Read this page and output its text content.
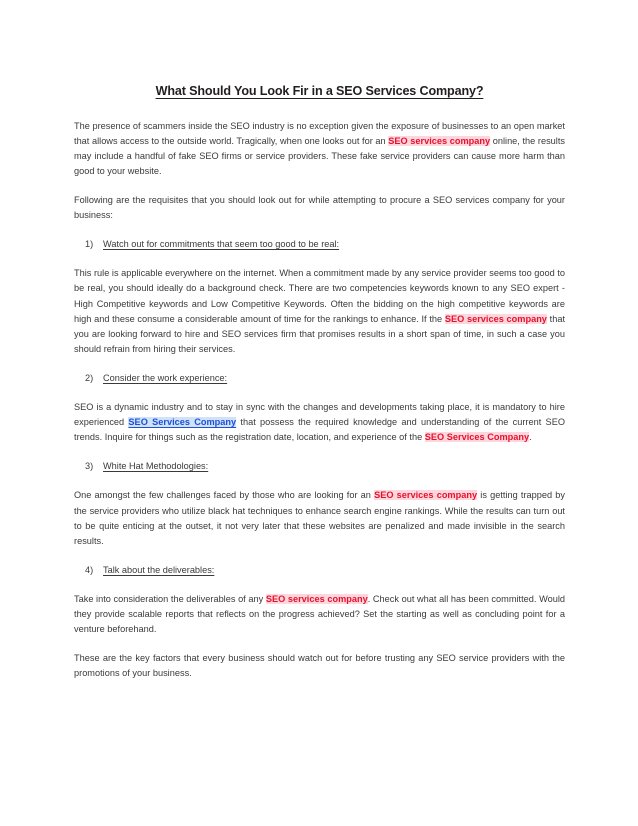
What Should You Look Fir in a SEO Services Company?

The presence of scammers inside the SEO industry is no exception given the exposure of businesses to an open market that allows access to the outside world. Tragically, when one looks out for an SEO services company online, the results may include a handful of fake SEO firms or service providers. These fake service providers can cause more harm than good to your website.

Following are the requisites that you should look out for while attempting to procure a SEO services company for your business:

1) Watch out for commitments that seem too good to be real:

This rule is applicable everywhere on the internet. When a commitment made by any service provider seems too good to be real, you should ideally do a background check. There are two competencies keywords known to any SEO expert - High Competitive keywords and Low Competitive Keywords. Often the bidding on the high competitive keywords are high and these consume a considerable amount of time for the rankings to enhance. If the SEO services company that you are looking forward to hire and SEO services firm that promises results in a short span of time, in such a case you should refrain from hiring their services.

2) Consider the work experience:

SEO is a dynamic industry and to stay in sync with the changes and developments taking place, it is mandatory to hire experienced SEO Services Company that possess the required knowledge and understanding of the current SEO trends. Inquire for things such as the registration date, location, and experience of the SEO Services Company.

3) White Hat Methodologies:

One amongst the few challenges faced by those who are looking for an SEO services company is getting trapped by the service providers who utilize black hat techniques to enhance search engine rankings. While the results can turn out to be quite enticing at the outset, it not very later that these websites are penalized and made invisible in the search results.

4) Talk about the deliverables:

Take into consideration the deliverables of any SEO services company. Check out what all has been committed. Would they provide scalable reports that reflects on the progress achieved? Set the starting as well as concluding point for a venture beforehand.

These are the key factors that every business should watch out for before trusting any SEO service providers with the promotions of your business.
